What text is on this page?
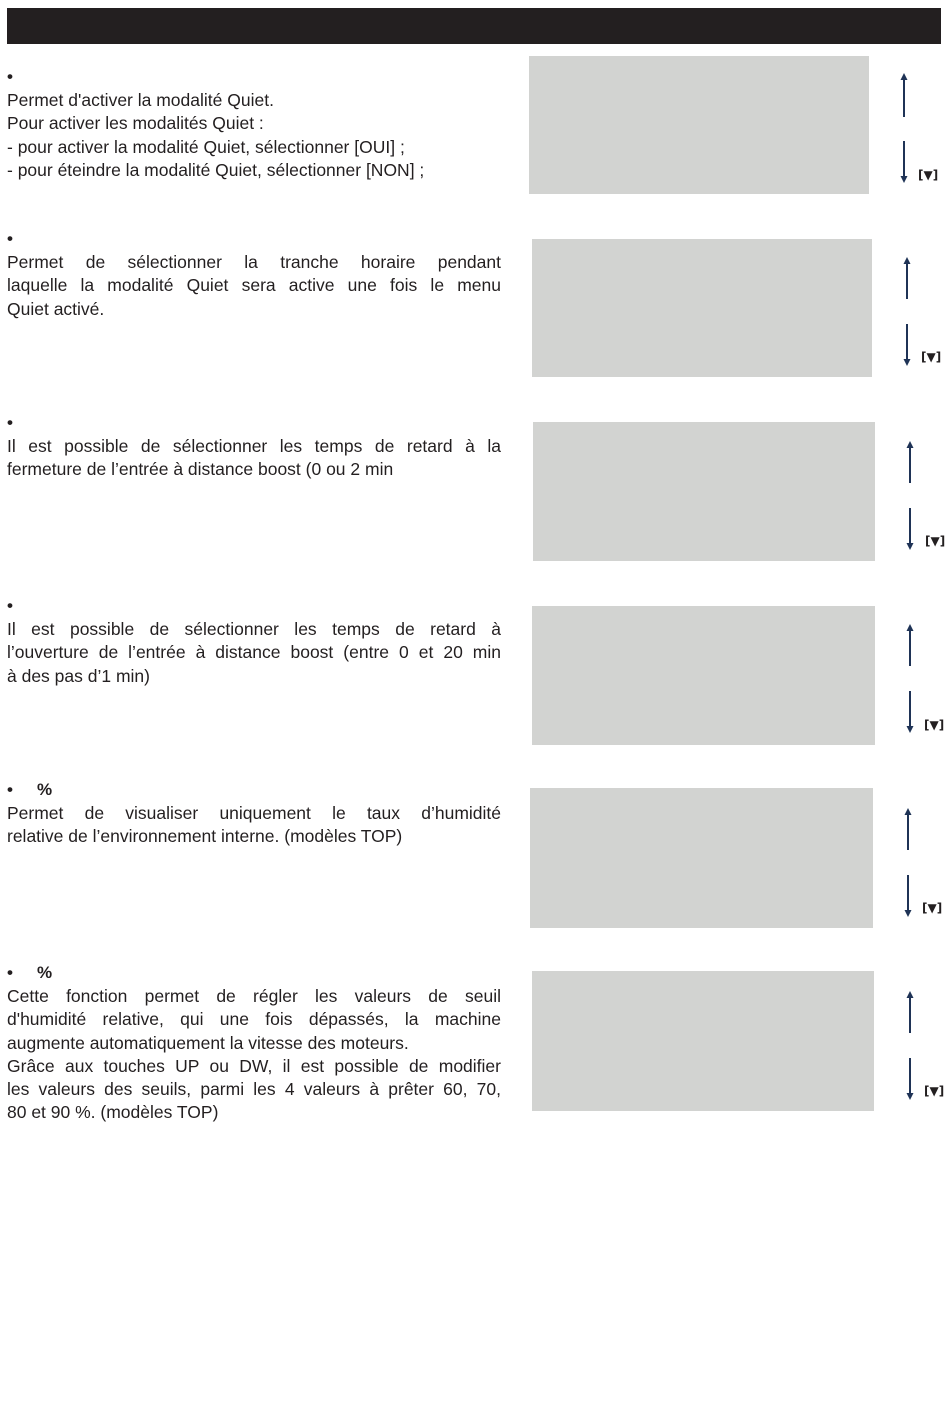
•
Permet d'activer la modalité Quiet.
Pour activer les modalités Quiet :
- pour activer la modalité Quiet, sélectionner [OUI] ;
- pour éteindre la modalité Quiet, sélectionner [NON] ;	[▼]
•
Permet de sélectionner la tranche horaire pendant
laquelle la modalité Quiet sera active une fois le menu
Quiet activé.
[▼]
•
Il est possible de sélectionner les temps de retard à la
fermeture de l’entrée à distance boost (0 ou 2 min
[▼]
•
Il est possible de sélectionner les temps de retard à
l’ouverture de l’entrée à distance boost (entre 0 et 20 min
à des pas d’1 min)
[▼]
• %
Permet de visualiser uniquement le taux d’humidité
relative de l’environnement interne. (modèles TOP)
[▼]
• %
Cette fonction permet de régler les valeurs de seuil
d'humidité relative, qui une fois dépassés, la machine
augmente automatiquement la vitesse des moteurs.
Grâce aux touches UP ou DW, il est possible de modifier
les valeurs des seuils, parmi les 4 valeurs à prêter 60, 70,
80 et 90 %. (modèles TOP)
[▼]
